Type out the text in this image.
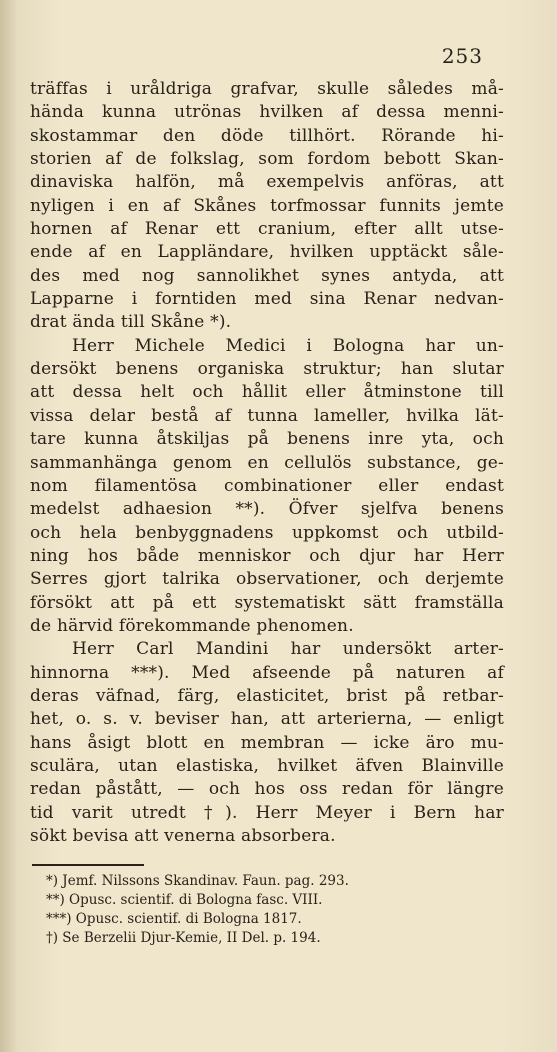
253
träffas i uråldriga grafvar, skulle således må-
hända kunna utrönas hvilken af dessa menni-
skostammar den döde tillhört. Rörande hi-
storien af de folkslag, som fordom bebott Skan-
dinaviska halfön, må exempelvis anföras, att
nyligen i en af Skånes torfmossar funnits jemte
hornen af Renar ett cranium, efter allt utse-
ende af en Lappländare, hvilken upptäckt såle-
des med nog sannolikhet synes antyda, att
Lapparne i forntiden med sina Renar nedvan-
drat ända till Skåne *).
Herr Michele Medici i Bologna har un-
dersökt benens organiska struktur; han slutar
att dessa helt och hållit eller åtminstone till
vissa delar bestå af tunna lameller, hvilka lät-
tare kunna åtskiljas på benens inre yta, och
sammanhänga genom en cellulös substance, ge-
nom filamentösa combinationer eller endast
medelst adhaesion **). Öfver sjelfva benens
och hela benbyggnadens uppkomst och utbild-
ning hos både menniskor och djur har Herr
Serres gjort talrika observationer, och derjemte
försökt att på ett systematiskt sätt framställa
de härvid förekommande phenomen.
Herr Carl Mandini har undersökt arter-
hinnorna ***). Med afseende på naturen af
deras väfnad, färg, elasticitet, brist på retbar-
het, o. s. v. beviser han, att arterierna, — enligt
hans åsigt blott en membran — icke äro mu-
sculära, utan elastiska, hvilket äfven Blainville
redan påstått, — och hos oss redan för längre
tid varit utredt †). Herr Meyer i Bern har
sökt bevisa att venerna absorbera.
*) Jemf. Nilssons Skandinav. Faun. pag. 293.
**) Opusc. scientif. di Bologna fasc. VIII.
***) Opusc. scientif. di Bologna 1817.
†) Se Berzelii Djur-Kemie, II Del. p. 194.
